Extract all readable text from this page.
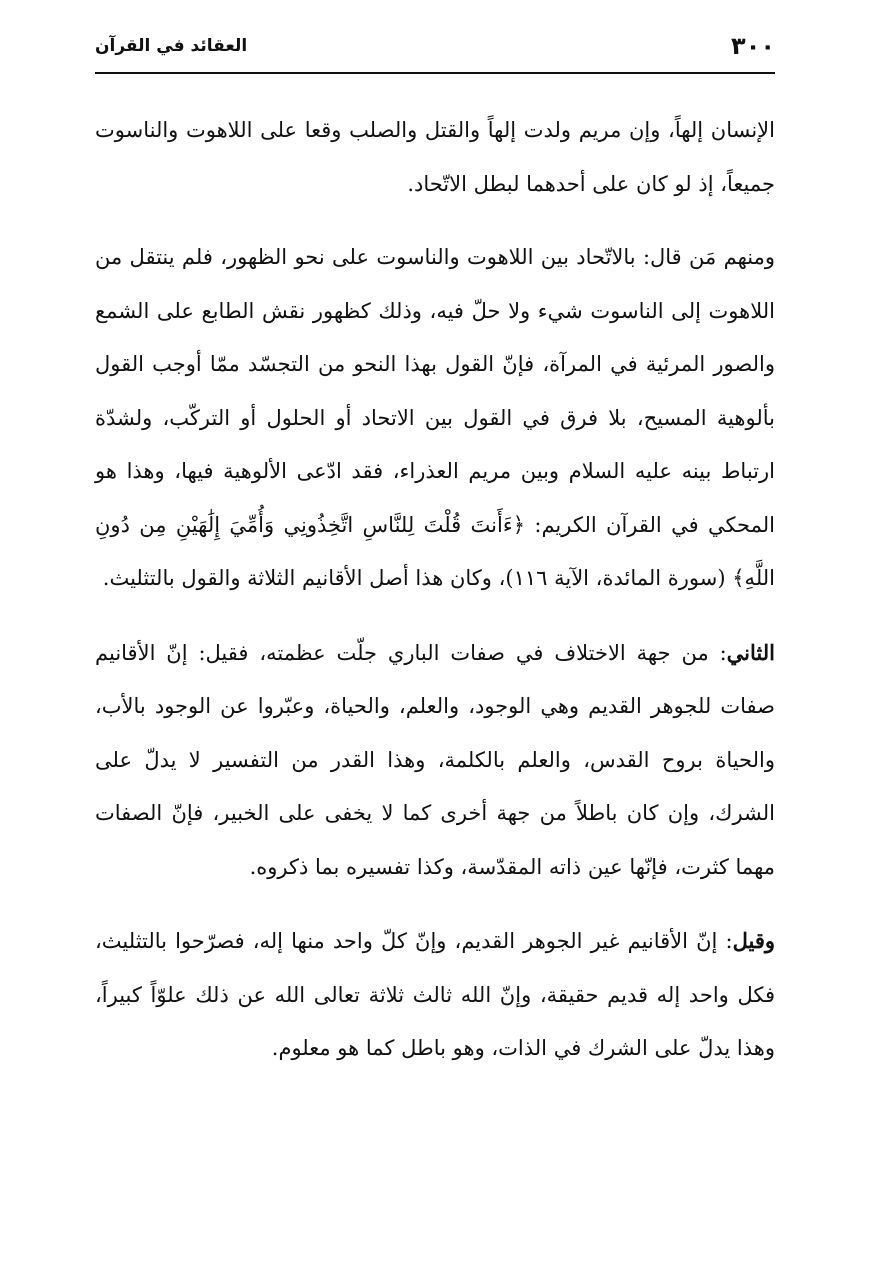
٣٠٠
العقائد في القرآن

الإنسان إلهاً، وإن مريم ولدت إلهاً والقتل والصلب وقعا على اللاهوت والناسوت جميعاً، إذ لو كان على أحدهما لبطل الاتّحاد.

ومنهم مَن قال: بالاتّحاد بين اللاهوت والناسوت على نحو الظهور، فلم ينتقل من اللاهوت إلى الناسوت شيء ولا حلّ فيه، وذلك كظهور نقش الطابع على الشمع والصور المرئية في المرآة، فإنّ القول بهذا النحو من التجسّد ممّا أوجب القول بألوهية المسيح، بلا فرق في القول بين الاتحاد أو الحلول أو التركّب، ولشدّة ارتباط بينه عليه السلام وبين مريم العذراء، فقد ادّعى الألوهية فيها، وهذا هو المحكي في القرآن الكريم: ﴿ءَأَنتَ قُلْتَ لِلنَّاسِ اتَّخِذُونِي وَأُمِّيَ إِلَٰهَيْنِ مِن دُونِ اللَّهِ﴾ (سورة المائدة، الآية ١١٦)، وكان هذا أصل الأقانيم الثلاثة والقول بالتثليث.

الثاني: من جهة الاختلاف في صفات الباري جلّت عظمته، فقيل: إنّ الأقانيم صفات للجوهر القديم وهي الوجود، والعلم، والحياة، وعبّروا عن الوجود بالأب، والحياة بروح القدس، والعلم بالكلمة، وهذا القدر من التفسير لا يدلّ على الشرك، وإن كان باطلاً من جهة أخرى كما لا يخفى على الخبير، فإنّ الصفات مهما كثرت، فإنّها عين ذاته المقدّسة، وكذا تفسيره بما ذكروه.

وقيل: إنّ الأقانيم غير الجوهر القديم، وإنّ كلّ واحد منها إله، فصرّحوا بالتثليث، فكل واحد إله قديم حقيقة، وإنّ الله ثالث ثلاثة تعالى الله عن ذلك علوّاً كبيراً، وهذا يدلّ على الشرك في الذات، وهو باطل كما هو معلوم.
